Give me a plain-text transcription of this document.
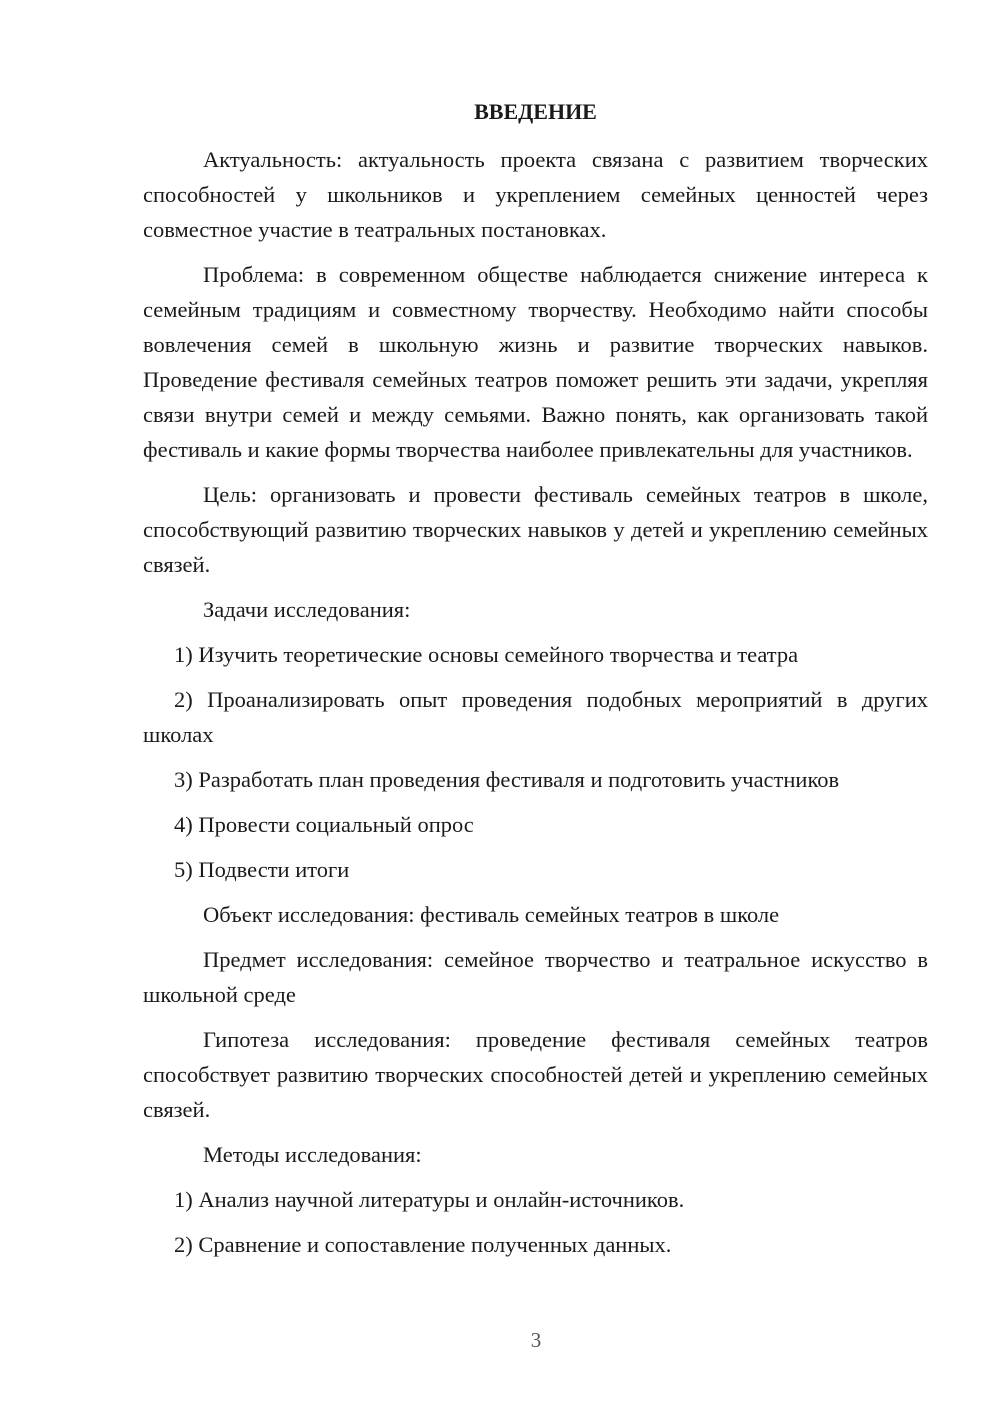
ВВЕДЕНИЕ

Актуальность: актуальность проекта связана с развитием творческих способностей у школьников и укреплением семейных ценностей через совместное участие в театральных постановках.

Проблема: в современном обществе наблюдается снижение интереса к семейным традициям и совместному творчеству. Необходимо найти способы вовлечения семей в школьную жизнь и развитие творческих навыков. Проведение фестиваля семейных театров поможет решить эти задачи, укрепляя связи внутри семей и между семьями. Важно понять, как организовать такой фестиваль и какие формы творчества наиболее привлекательны для участников.

Цель: организовать и провести фестиваль семейных театров в школе, способствующий развитию творческих навыков у детей и укреплению семейных связей.

Задачи исследования:

1) Изучить теоретические основы семейного творчества и театра

2) Проанализировать опыт проведения подобных мероприятий в других школах

3) Разработать план проведения фестиваля и подготовить участников

4) Провести социальный опрос

5) Подвести итоги

Объект исследования: фестиваль семейных театров в школе

Предмет исследования: семейное творчество и театральное искусство в школьной среде

Гипотеза исследования: проведение фестиваля семейных театров способствует развитию творческих способностей детей и укреплению семейных связей.

Методы исследования:

1) Анализ научной литературы и онлайн-источников.

2) Сравнение и сопоставление полученных данных.

3
